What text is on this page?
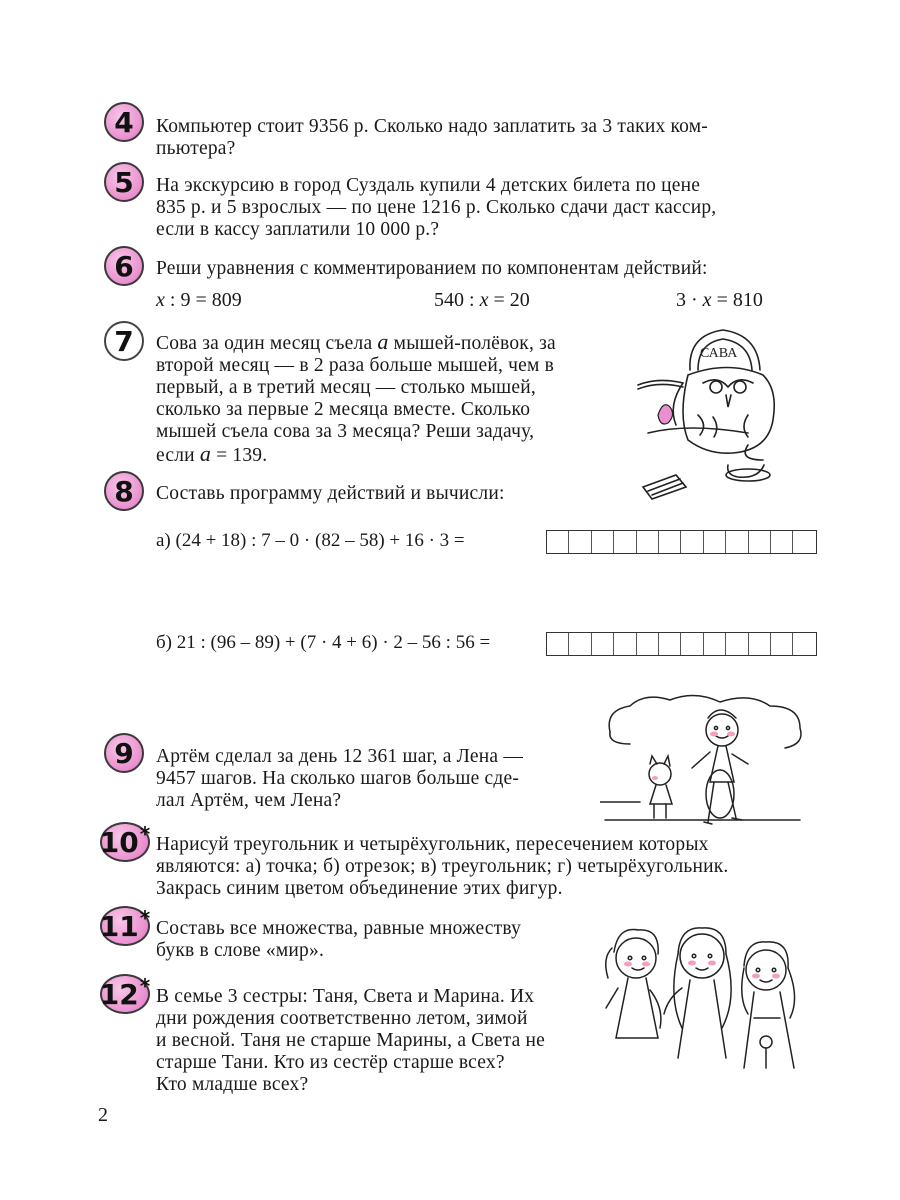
4 Компьютер стоит 9356 р. Сколько надо заплатить за 3 таких ком-
пьютера?
5 На экскурсию в город Суздаль купили 4 детских билета по цене
835 р. и 5 взрослых — по цене 1216 р. Сколько сдачи даст кассир,
если в кассу заплатили 10 000 р.?
6 Реши уравнения с комментированием по компонентам действий:
x : 9 = 809	540 : x = 20	3 · x = 810
7 Сова за один месяц съела a мышей-полёвок, за
второй месяц — в 2 раза больше мышей, чем в
первый, а в третий месяц — столько мышей,
сколько за первые 2 месяца вместе. Сколько
мышей съела сова за 3 месяца? Реши задачу,
если a = 139.
САВА
8 Составь программу действий и вычисли:
а) (24 + 18) : 7 – 0 · (82 – 58) + 16 · 3 =
б) 21 : (96 – 89) + (7 · 4 + 6) · 2 – 56 : 56 =
9 Артём сделал за день 12 361 шаг, а Лена —
9457 шагов. На сколько шагов больше сде-
лал Артём, чем Лена?
10 * Нарисуй треугольник и четырёхугольник, пересечением которых
являются: а) точка; б) отрезок; в) треугольник; г) четырёхугольник.
Закрась синим цветом объединение этих фигур.
11 * Составь все множества, равные множеству
букв в слове «мир».
12 * В семье 3 сестры: Таня, Света и Марина. Их
дни рождения соответственно летом, зимой
и весной. Таня не старше Марины, а Света не
старше Тани. Кто из сестёр старше всех?
Кто младше всех?
2
